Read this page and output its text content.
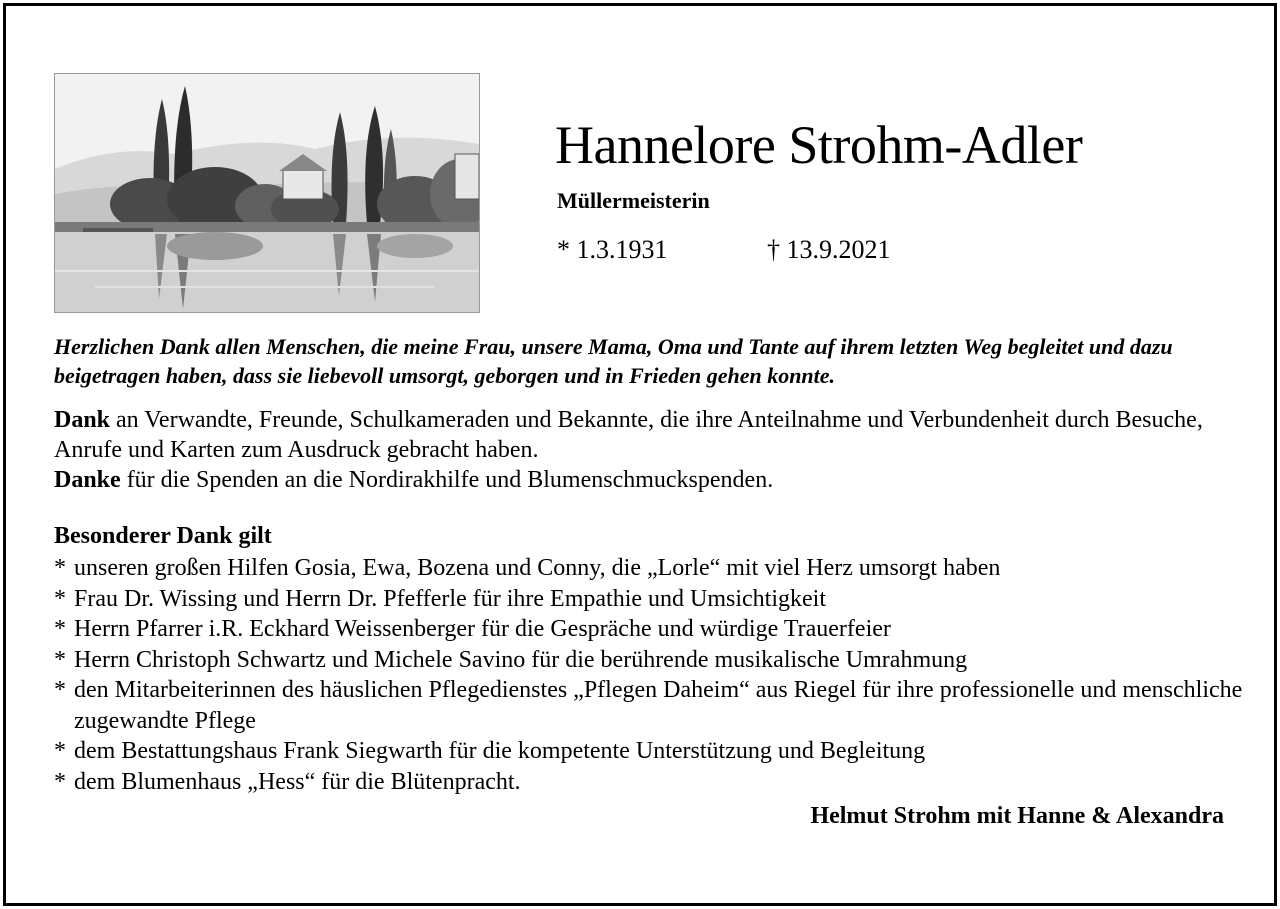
Hannelore Strohm-Adler
Müllermeisterin
* 1.3.1931	† 13.9.2021
Herzlichen Dank allen Menschen, die meine Frau, unsere Mama, Oma und Tante auf ihrem letzten Weg begleitet und dazu beigetragen haben, dass sie liebevoll umsorgt, geborgen und in Frieden gehen konnte.

Dank an Verwandte, Freunde, Schulkameraden und Bekannte, die ihre Anteilnahme und Verbundenheit durch Besuche, Anrufe und Karten zum Ausdruck gebracht haben.

Danke für die Spenden an die Nordirakhilfe und Blumenschmuckspenden.

Besonderer Dank gilt
* unseren großen Hilfen Gosia, Ewa, Bozena und Conny, die „Lorle“ mit viel Herz umsorgt haben
* Frau Dr. Wissing und Herrn Dr. Pfefferle für ihre Empathie und Umsichtigkeit
* Herrn Pfarrer i.R. Eckhard Weissenberger für die Gespräche und würdige Trauerfeier
* Herrn Christoph Schwartz und Michele Savino für die berührende musikalische Umrahmung
* den Mitarbeiterinnen des häuslichen Pflegedienstes „Pflegen Daheim“ aus Riegel für ihre professionelle und menschliche zugewandte Pflege
* dem Bestattungshaus Frank Siegwarth für die kompetente Unterstützung und Begleitung
* dem Blumenhaus „Hess“ für die Blütenpracht.
Helmut Strohm mit Hanne & Alexandra
